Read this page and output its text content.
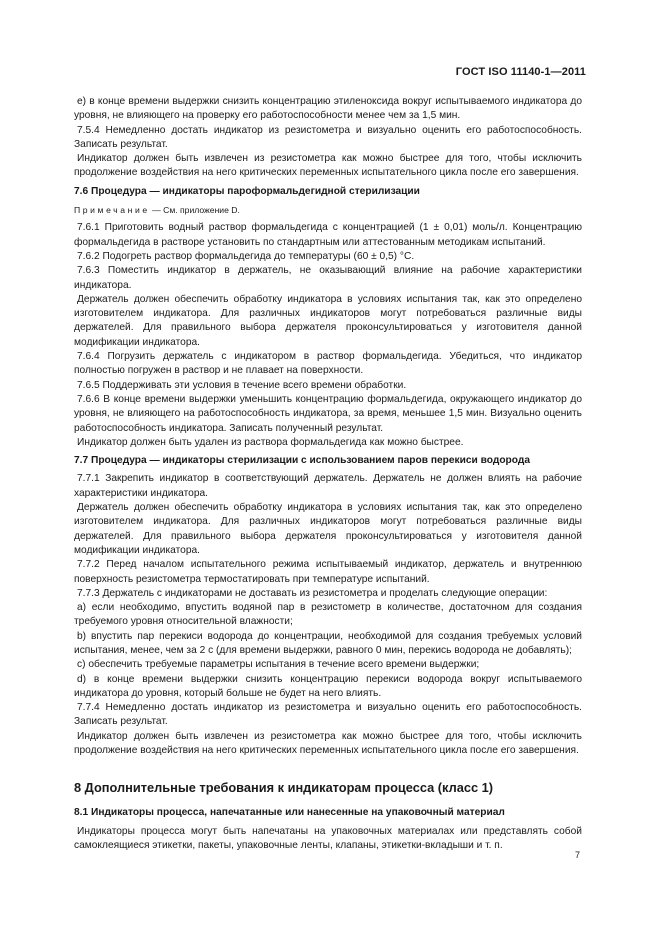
ГОСТ ISO 11140-1—2011

е) в конце времени выдержки снизить концентрацию этиленоксида вокруг испытываемого индикатора до уровня, не влияющего на проверку его работоспособности менее чем за 1,5 мин.

7.5.4 Немедленно достать индикатор из резистометра и визуально оценить его работоспособность. Записать результат.

Индикатор должен быть извлечен из резистометра как можно быстрее для того, чтобы исключить продолжение воздействия на него критических переменных испытательного цикла после его завершения.

7.6 Процедура — индикаторы пароформальдегидной стерилизации

Примечание — См. приложение D.

7.6.1 Приготовить водный раствор формальдегида с концентрацией (1 ± 0,01) моль/л. Концентрацию формальдегида в растворе установить по стандартным или аттестованным методикам испытаний.

7.6.2 Подогреть раствор формальдегида до температуры (60 ± 0,5) °C.

7.6.3 Поместить индикатор в держатель, не оказывающий влияние на рабочие характеристики индикатора.

Держатель должен обеспечить обработку индикатора в условиях испытания так, как это определено изготовителем индикатора. Для различных индикаторов могут потребоваться различные виды держателей. Для правильного выбора держателя проконсультироваться у изготовителя данной модификации индикатора.

7.6.4 Погрузить держатель с индикатором в раствор формальдегида. Убедиться, что индикатор полностью погружен в раствор и не плавает на поверхности.

7.6.5 Поддерживать эти условия в течение всего времени обработки.

7.6.6 В конце времени выдержки уменьшить концентрацию формальдегида, окружающего индикатор до уровня, не влияющего на работоспособность индикатора, за время, меньшее 1,5 мин. Визуально оценить работоспособность индикатора. Записать полученный результат.

Индикатор должен быть удален из раствора формальдегида как можно быстрее.

7.7 Процедура — индикаторы стерилизации с использованием паров перекиси водорода

7.7.1 Закрепить индикатор в соответствующий держатель. Держатель не должен влиять на рабочие характеристики индикатора.

Держатель должен обеспечить обработку индикатора в условиях испытания так, как это определено изготовителем индикатора. Для различных индикаторов могут потребоваться различные виды держателей. Для правильного выбора держателя проконсультироваться у изготовителя данной модификации индикатора.

7.7.2 Перед началом испытательного режима испытываемый индикатор, держатель и внутреннюю поверхность резистометра термостатировать при температуре испытаний.

7.7.3 Держатель с индикаторами не доставать из резистометра и проделать следующие операции:

а) если необходимо, впустить водяной пар в резистометр в количестве, достаточном для создания требуемого уровня относительной влажности;

b) впустить пар перекиси водорода до концентрации, необходимой для создания требуемых условий испытания, менее, чем за 2 с (для времени выдержки, равного 0 мин, перекись водорода не добавлять);

с) обеспечить требуемые параметры испытания в течение всего времени выдержки;

d) в конце времени выдержки снизить концентрацию перекиси водорода вокруг испытываемого индикатора до уровня, который больше не будет на него влиять.

7.7.4 Немедленно достать индикатор из резистометра и визуально оценить его работоспособность. Записать результат.

Индикатор должен быть извлечен из резистометра как можно быстрее для того, чтобы исключить продолжение воздействия на него критических переменных испытательного цикла после его завершения.

8 Дополнительные требования к индикаторам процесса (класс 1)

8.1 Индикаторы процесса, напечатанные или нанесенные на упаковочный материал

Индикаторы процесса могут быть напечатаны на упаковочных материалах или представлять собой самоклеящиеся этикетки, пакеты, упаковочные ленты, клапаны, этикетки-вкладыши и т. п.

7
